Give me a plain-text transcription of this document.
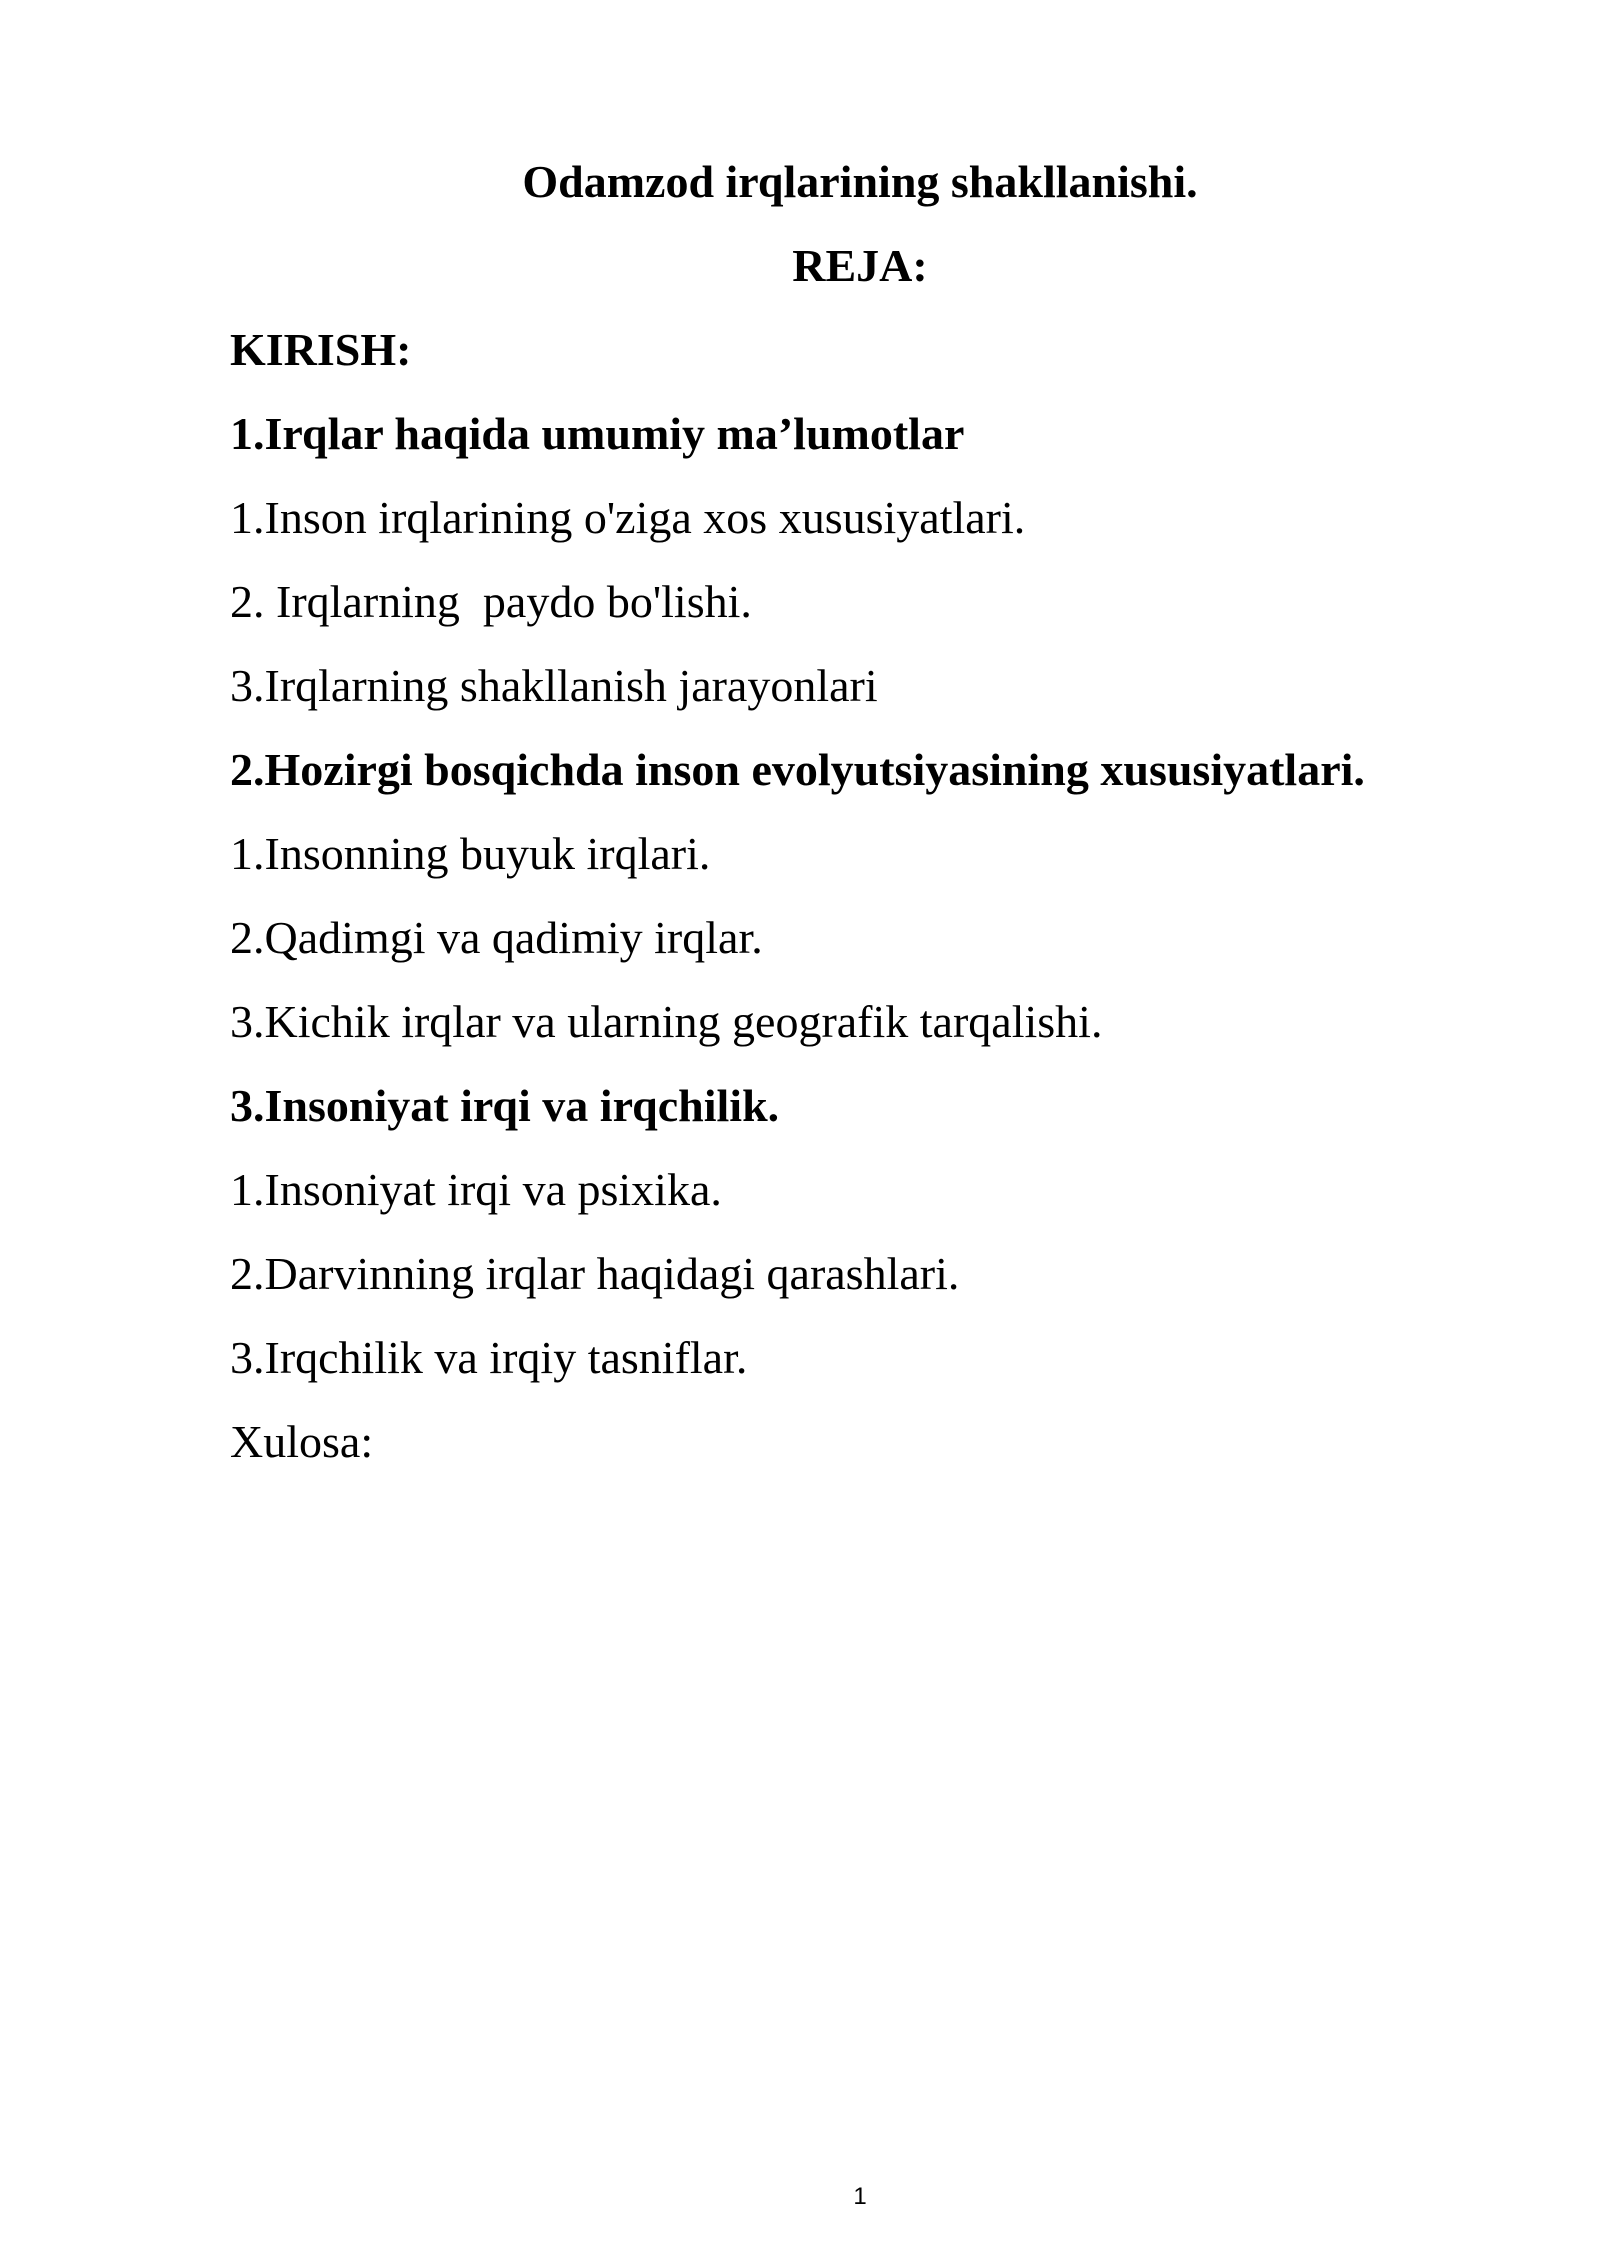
Odamzod irqlarining shakllanishi.
REJA:
KIRISH:
1.Irqlar haqida umumiy ma’lumotlar
1.Inson irqlarining o'ziga xos xususiyatlari.
2. Irqlarning  paydo bo'lishi.
3.Irqlarning shakllanish jarayonlari
2.Hozirgi bosqichda inson evolyutsiyasining xususiyatlari.
1.Insonning buyuk irqlari.
2.Qadimgi va qadimiy irqlar.
3.Kichik irqlar va ularning geografik tarqalishi.
3.Insoniyat irqi va irqchilik.
1.Insoniyat irqi va psixika.
2.Darvinning irqlar haqidagi qarashlari.
3.Irqchilik va irqiy tasniflar.
Xulosa:
1
